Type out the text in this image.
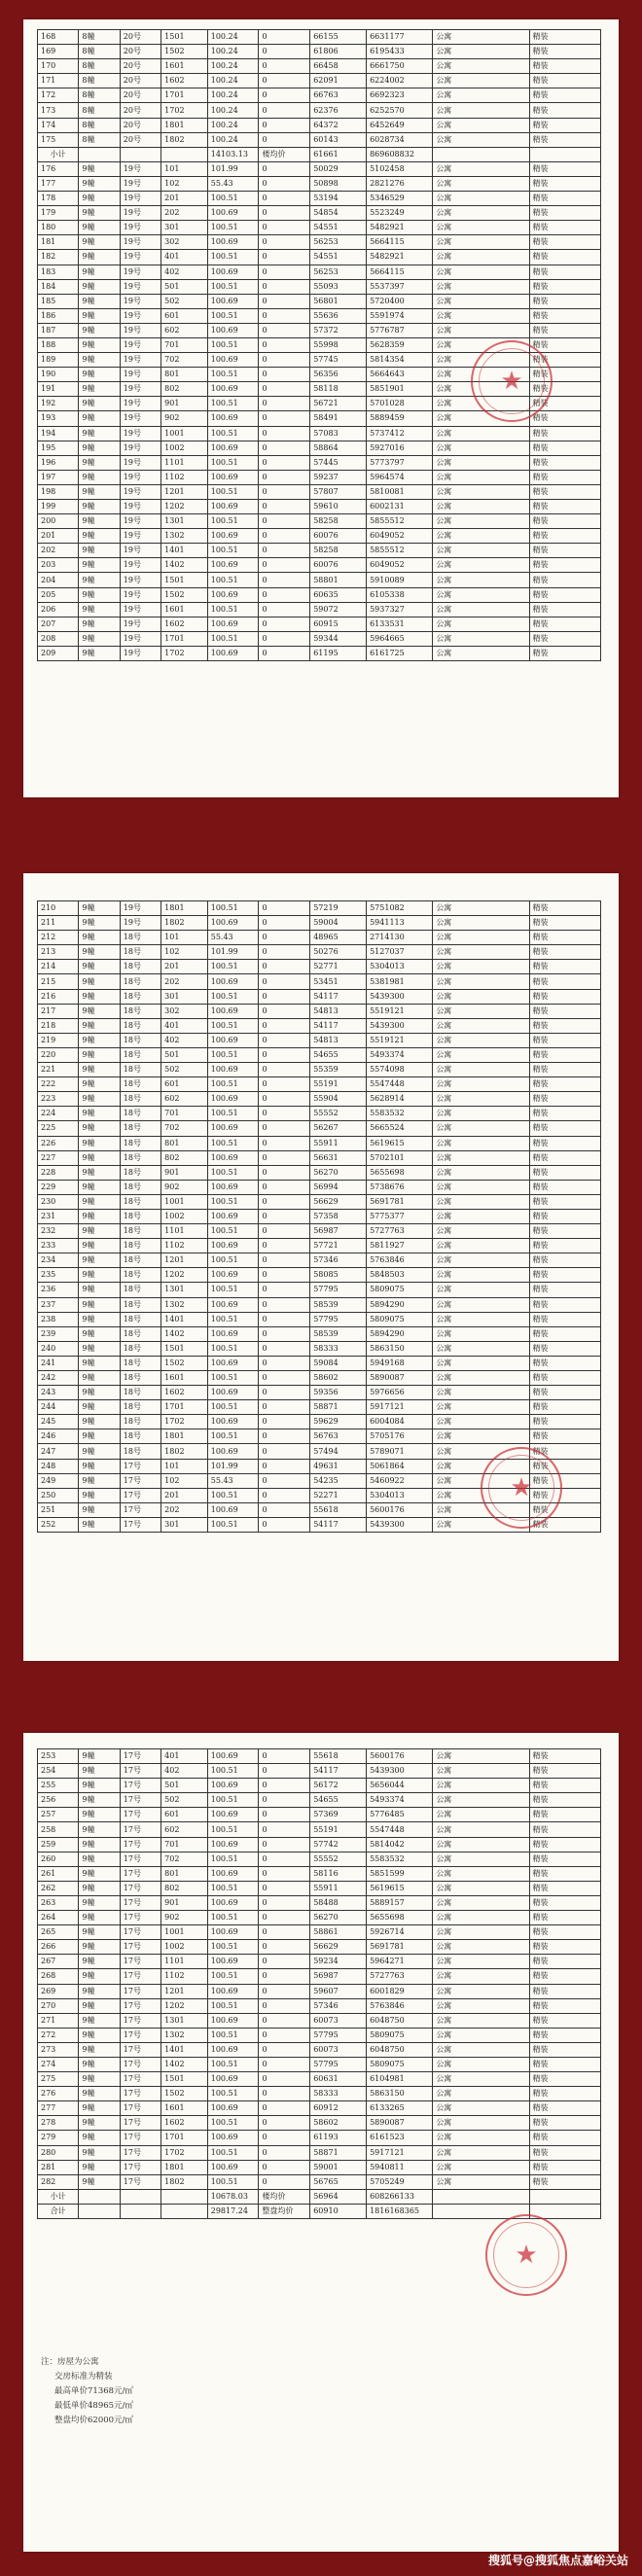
168	8幢	20号	1501	100.24	0	66155	6631177	公寓	精装
169	8幢	20号	1502	100.24	0	61806	6195433	公寓	精装
170	8幢	20号	1601	100.24	0	66458	6661750	公寓	精装
171	8幢	20号	1602	100.24	0	62091	6224002	公寓	精装
172	8幢	20号	1701	100.24	0	66763	6692323	公寓	精装
173	8幢	20号	1702	100.24	0	62376	6252570	公寓	精装
174	8幢	20号	1801	100.24	0	64372	6452649	公寓	精装
175	8幢	20号	1802	100.24	0	60143	6028734	公寓	精装
小计				14103.13	楼均价	61661	869608832		
176	9幢	19号	101	101.99	0	50029	5102458	公寓	精装
177	9幢	19号	102	55.43	0	50898	2821276	公寓	精装
178	9幢	19号	201	100.51	0	53194	5346529	公寓	精装
179	9幢	19号	202	100.69	0	54854	5523249	公寓	精装
180	9幢	19号	301	100.51	0	54551	5482921	公寓	精装
181	9幢	19号	302	100.69	0	56253	5664115	公寓	精装
182	9幢	19号	401	100.51	0	54551	5482921	公寓	精装
183	9幢	19号	402	100.69	0	56253	5664115	公寓	精装
184	9幢	19号	501	100.51	0	55093	5537397	公寓	精装
185	9幢	19号	502	100.69	0	56801	5720400	公寓	精装
186	9幢	19号	601	100.51	0	55636	5591974	公寓	精装
187	9幢	19号	602	100.69	0	57372	5776787	公寓	精装
188	9幢	19号	701	100.51	0	55998	5628359	公寓	精装
189	9幢	19号	702	100.69	0	57745	5814354	公寓	精装
190	9幢	19号	801	100.51	0	56356	5664643	公寓	精装
191	9幢	19号	802	100.69	0	58118	5851901	公寓	精装
192	9幢	19号	901	100.51	0	56721	5701028	公寓	精装
193	9幢	19号	902	100.69	0	58491	5889459	公寓	精装
194	9幢	19号	1001	100.51	0	57083	5737412	公寓	精装
195	9幢	19号	1002	100.69	0	58864	5927016	公寓	精装
196	9幢	19号	1101	100.51	0	57445	5773797	公寓	精装
197	9幢	19号	1102	100.69	0	59237	5964574	公寓	精装
198	9幢	19号	1201	100.51	0	57807	5810081	公寓	精装
199	9幢	19号	1202	100.69	0	59610	6002131	公寓	精装
200	9幢	19号	1301	100.51	0	58258	5855512	公寓	精装
201	9幢	19号	1302	100.69	0	60076	6049052	公寓	精装
202	9幢	19号	1401	100.51	0	58258	5855512	公寓	精装
203	9幢	19号	1402	100.69	0	60076	6049052	公寓	精装
204	9幢	19号	1501	100.51	0	58801	5910089	公寓	精装
205	9幢	19号	1502	100.69	0	60635	6105338	公寓	精装
206	9幢	19号	1601	100.51	0	59072	5937327	公寓	精装
207	9幢	19号	1602	100.69	0	60915	6133531	公寓	精装
208	9幢	19号	1701	100.51	0	59344	5964665	公寓	精装
209	9幢	19号	1702	100.69	0	61195	6161725	公寓	精装
★
210	9幢	19号	1801	100.51	0	57219	5751082	公寓	精装
211	9幢	19号	1802	100.69	0	59004	5941113	公寓	精装
212	9幢	18号	101	55.43	0	48965	2714130	公寓	精装
213	9幢	18号	102	101.99	0	50276	5127037	公寓	精装
214	9幢	18号	201	100.51	0	52771	5304013	公寓	精装
215	9幢	18号	202	100.69	0	53451	5381981	公寓	精装
216	9幢	18号	301	100.51	0	54117	5439300	公寓	精装
217	9幢	18号	302	100.69	0	54813	5519121	公寓	精装
218	9幢	18号	401	100.51	0	54117	5439300	公寓	精装
219	9幢	18号	402	100.69	0	54813	5519121	公寓	精装
220	9幢	18号	501	100.51	0	54655	5493374	公寓	精装
221	9幢	18号	502	100.69	0	55359	5574098	公寓	精装
222	9幢	18号	601	100.51	0	55191	5547448	公寓	精装
223	9幢	18号	602	100.69	0	55904	5628914	公寓	精装
224	9幢	18号	701	100.51	0	55552	5583532	公寓	精装
225	9幢	18号	702	100.69	0	56267	5665524	公寓	精装
226	9幢	18号	801	100.51	0	55911	5619615	公寓	精装
227	9幢	18号	802	100.69	0	56631	5702101	公寓	精装
228	9幢	18号	901	100.51	0	56270	5655698	公寓	精装
229	9幢	18号	902	100.69	0	56994	5738676	公寓	精装
230	9幢	18号	1001	100.51	0	56629	5691781	公寓	精装
231	9幢	18号	1002	100.69	0	57358	5775377	公寓	精装
232	9幢	18号	1101	100.51	0	56987	5727763	公寓	精装
233	9幢	18号	1102	100.69	0	57721	5811927	公寓	精装
234	9幢	18号	1201	100.51	0	57346	5763846	公寓	精装
235	9幢	18号	1202	100.69	0	58085	5848503	公寓	精装
236	9幢	18号	1301	100.51	0	57795	5809075	公寓	精装
237	9幢	18号	1302	100.69	0	58539	5894290	公寓	精装
238	9幢	18号	1401	100.51	0	57795	5809075	公寓	精装
239	9幢	18号	1402	100.69	0	58539	5894290	公寓	精装
240	9幢	18号	1501	100.51	0	58333	5863150	公寓	精装
241	9幢	18号	1502	100.69	0	59084	5949168	公寓	精装
242	9幢	18号	1601	100.51	0	58602	5890087	公寓	精装
243	9幢	18号	1602	100.69	0	59356	5976656	公寓	精装
244	9幢	18号	1701	100.51	0	58871	5917121	公寓	精装
245	9幢	18号	1702	100.69	0	59629	6004084	公寓	精装
246	9幢	18号	1801	100.51	0	56763	5705176	公寓	精装
247	9幢	18号	1802	100.69	0	57494	5789071	公寓	精装
248	9幢	17号	101	101.99	0	49631	5061864	公寓	精装
249	9幢	17号	102	55.43	0	54235	5460922	公寓	精装
250	9幢	17号	201	100.51	0	52271	5304013	公寓	精装
251	9幢	17号	202	100.69	0	55618	5600176	公寓	精装
252	9幢	17号	301	100.51	0	54117	5439300	公寓	精装
★
253	9幢	17号	401	100.69	0	55618	5600176	公寓	精装
254	9幢	17号	402	100.51	0	54117	5439300	公寓	精装
255	9幢	17号	501	100.69	0	56172	5656044	公寓	精装
256	9幢	17号	502	100.51	0	54655	5493374	公寓	精装
257	9幢	17号	601	100.69	0	57369	5776485	公寓	精装
258	9幢	17号	602	100.51	0	55191	5547448	公寓	精装
259	9幢	17号	701	100.69	0	57742	5814042	公寓	精装
260	9幢	17号	702	100.51	0	55552	5583532	公寓	精装
261	9幢	17号	801	100.69	0	58116	5851599	公寓	精装
262	9幢	17号	802	100.51	0	55911	5619615	公寓	精装
263	9幢	17号	901	100.69	0	58488	5889157	公寓	精装
264	9幢	17号	902	100.51	0	56270	5655698	公寓	精装
265	9幢	17号	1001	100.69	0	58861	5926714	公寓	精装
266	9幢	17号	1002	100.51	0	56629	5691781	公寓	精装
267	9幢	17号	1101	100.69	0	59234	5964271	公寓	精装
268	9幢	17号	1102	100.51	0	56987	5727763	公寓	精装
269	9幢	17号	1201	100.69	0	59607	6001829	公寓	精装
270	9幢	17号	1202	100.51	0	57346	5763846	公寓	精装
271	9幢	17号	1301	100.69	0	60073	6048750	公寓	精装
272	9幢	17号	1302	100.51	0	57795	5809075	公寓	精装
273	9幢	17号	1401	100.69	0	60073	6048750	公寓	精装
274	9幢	17号	1402	100.51	0	57795	5809075	公寓	精装
275	9幢	17号	1501	100.69	0	60631	6104981	公寓	精装
276	9幢	17号	1502	100.51	0	58333	5863150	公寓	精装
277	9幢	17号	1601	100.69	0	60912	6133265	公寓	精装
278	9幢	17号	1602	100.51	0	58602	5890087	公寓	精装
279	9幢	17号	1701	100.69	0	61193	6161523	公寓	精装
280	9幢	17号	1702	100.51	0	58871	5917121	公寓	精装
281	9幢	17号	1801	100.69	0	59001	5940811	公寓	精装
282	9幢	17号	1802	100.51	0	56765	5705249	公寓	精装
小计				10678.03	楼均价	56964	608266133		
合计				29817.24	整盘均价	60910	1816168365		
★
注：房屋为公寓
交房标准为精装
最高单价71368元/㎡
最低单价48965元/㎡
整盘均价62000元/㎡
搜狐号@搜狐焦点嘉峪关站
